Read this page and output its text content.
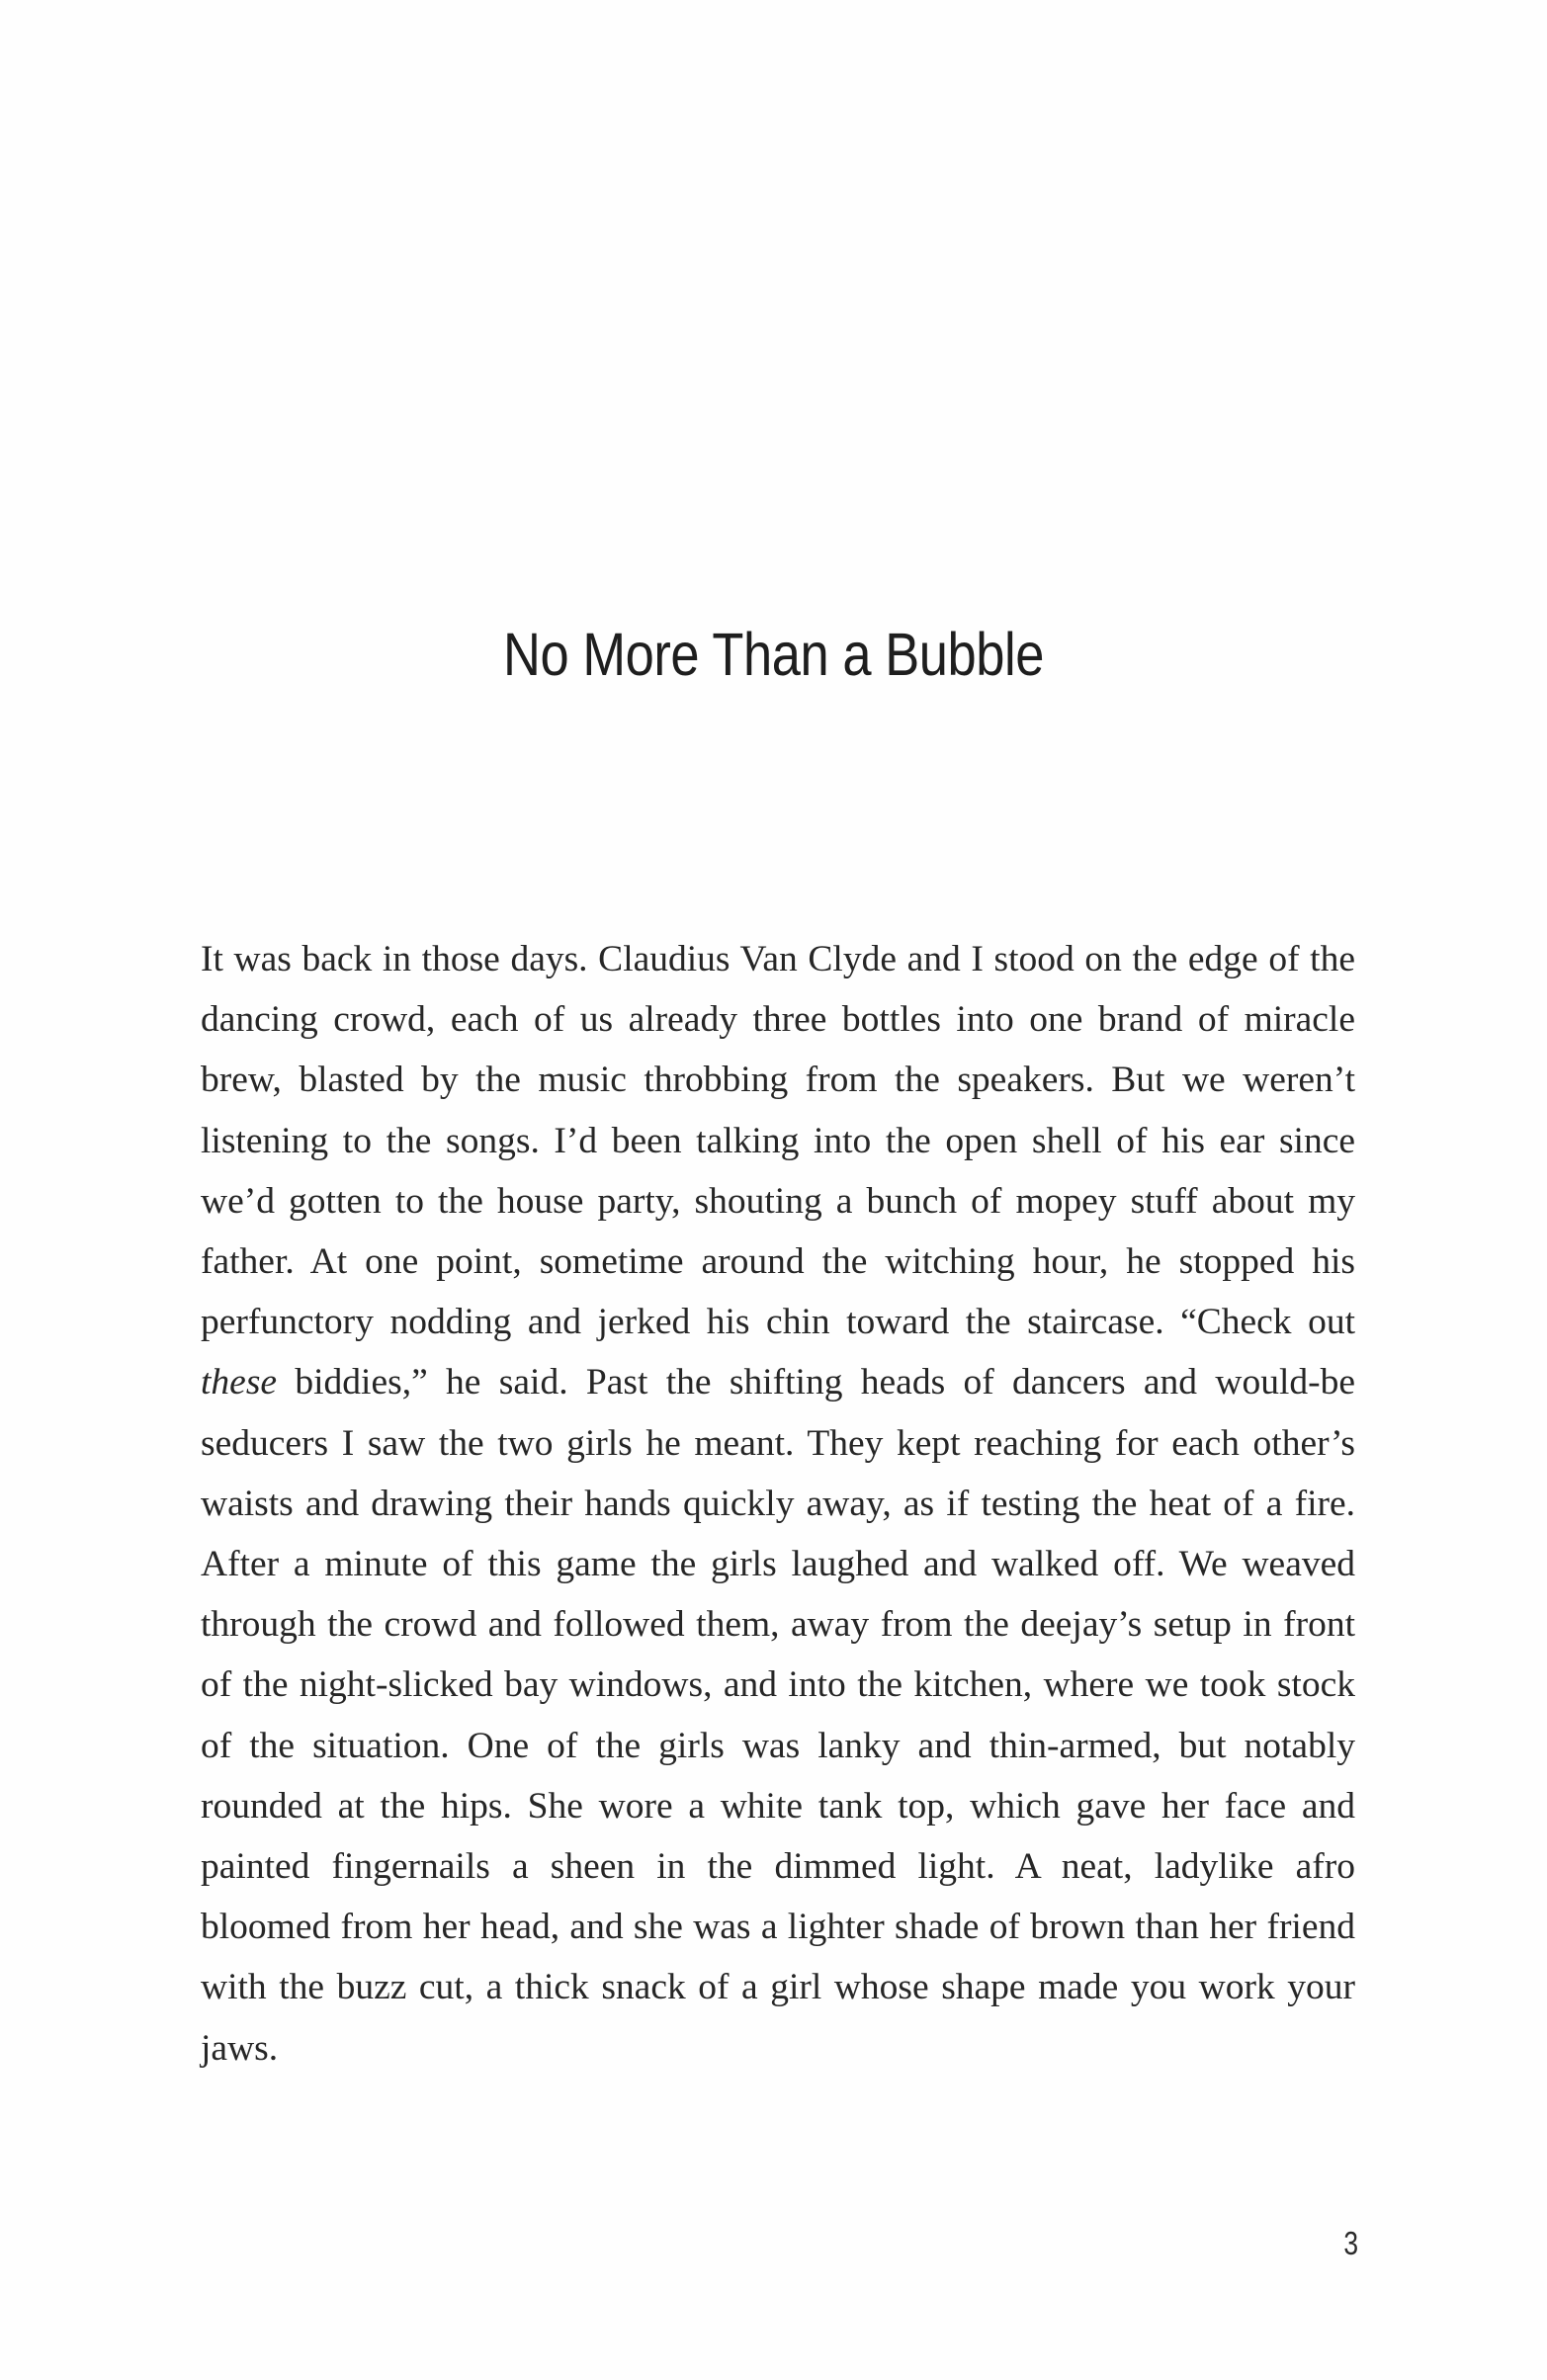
No More Than a Bubble

It was back in those days. Claudius Van Clyde and I stood on the edge of the dancing crowd, each of us already three bottles into one brand of miracle brew, blasted by the music throbbing from the speakers. But we weren’t listening to the songs. I’d been talking into the open shell of his ear since we’d gotten to the house party, shouting a bunch of mopey stuff about my father. At one point, sometime around the witching hour, he stopped his perfunctory nodding and jerked his chin toward the staircase. “Check out these biddies,” he said. Past the shifting heads of dancers and would-be seducers I saw the two girls he meant. They kept reaching for each other’s waists and drawing their hands quickly away, as if testing the heat of a fire. After a minute of this game the girls laughed and walked off. We weaved through the crowd and followed them, away from the deejay’s setup in front of the night-slicked bay windows, and into the kitchen, where we took stock of the situation. One of the girls was lanky and thin-armed, but notably rounded at the hips. She wore a white tank top, which gave her face and painted fingernails a sheen in the dimmed light. A neat, ladylike afro bloomed from her head, and she was a lighter shade of brown than her friend with the buzz cut, a thick snack of a girl whose shape made you work your jaws.

3
